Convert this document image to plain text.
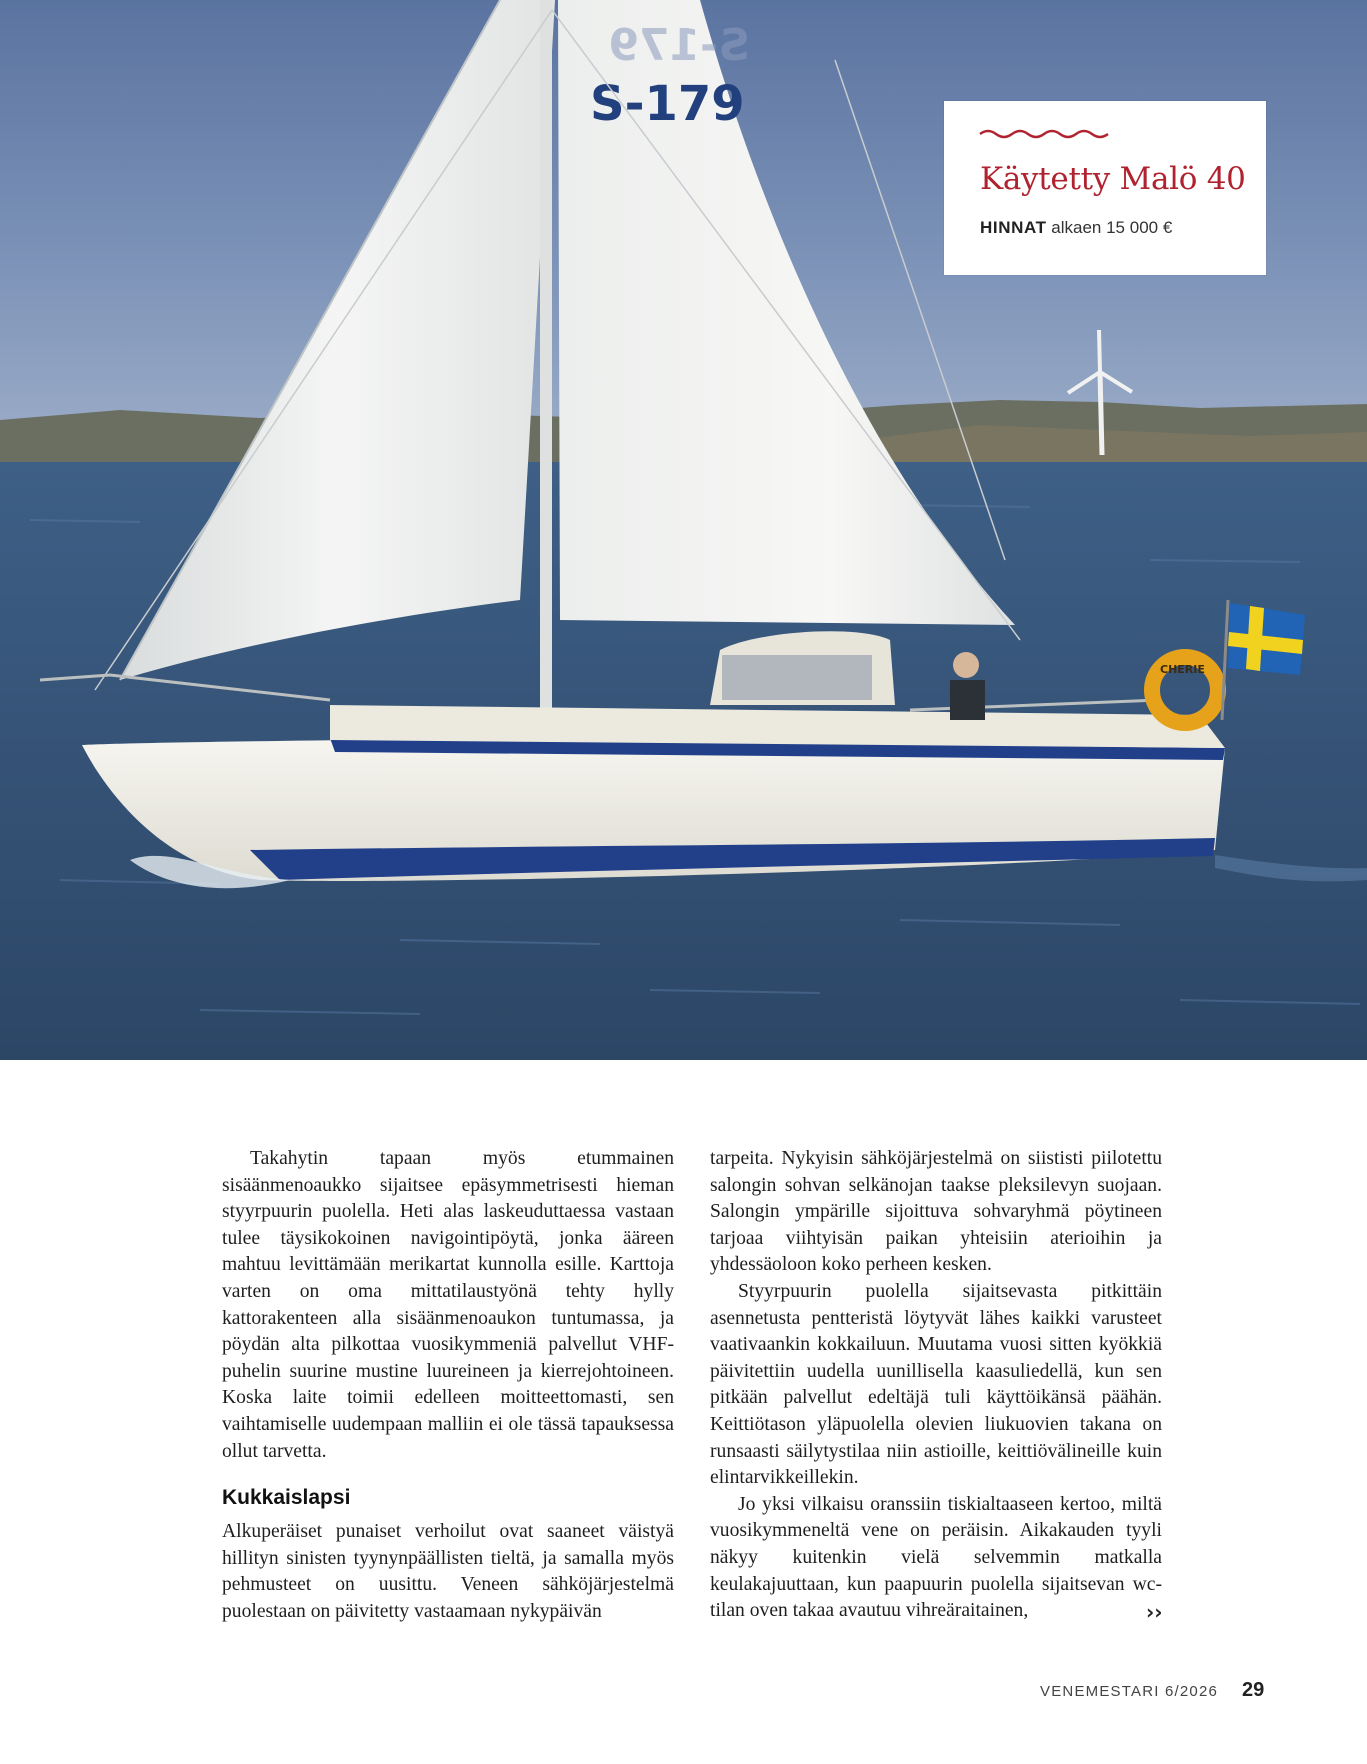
S-179
S-179
CHERIE
Käytetty Malö 40
HINNAT alkaen 15 000 €

Takahytin tapaan myös etummainen sisäänmenoaukko sijaitsee epäsymmetrisesti hieman styyrpuurin puolella. Heti alas laskeuduttaessa vastaan tulee täysikokoinen navigointipöytä, jonka ääreen mahtuu levittämään merikartat kunnolla esille. Karttoja varten on oma mittatilaustyönä tehty hylly kattorakenteen alla sisäänmenoaukon tuntumassa, ja pöydän alta pilkottaa vuosikymmeniä palvellut VHF-puhelin suurine mustine luureineen ja kierrejohtoineen. Koska laite toimii edelleen moitteettomasti, sen vaihtamiselle uudempaan malliin ei ole tässä tapauksessa ollut tarvetta.

Kukkaislapsi

Alkuperäiset punaiset verhoilut ovat saaneet väistyä hillityn sinisten tyynynpäällisten tieltä, ja samalla myös pehmusteet on uusittu. Veneen sähköjärjestelmä puolestaan on päivitetty vastaamaan nykypäivän

tarpeita. Nykyisin sähköjärjestelmä on siististi piilotettu salongin sohvan selkänojan taakse pleksilevyn suojaan. Salongin ympärille sijoittuva sohvaryhmä pöytineen tarjoaa viihtyisän paikan yhteisiin aterioihin ja yhdessäoloon koko perheen kesken.

Styyrpuurin puolella sijaitsevasta pitkittäin asennetusta pentteristä löytyvät lähes kaikki varusteet vaativaankin kokkailuun. Muutama vuosi sitten kyökkiä päivitettiin uudella uunillisella kaasuliedellä, kun sen pitkään palvellut edeltäjä tuli käyttöikänsä päähän. Keittiötason yläpuolella olevien liukuovien takana on runsaasti säilytystilaa niin astioille, keittiövälineille kuin elintarvikkeillekin.

Jo yksi vilkaisu oranssiin tiskialtaaseen kertoo, miltä vuosikymmeneltä vene on peräisin. Aikakauden tyyli näkyy kuitenkin vielä selvemmin matkalla keulakajuuttaan, kun paapuurin puolella sijaitsevan wc-tilan oven takaa avautuu vihreäraitainen,	››
VENEMESTARI 6/2026 29
